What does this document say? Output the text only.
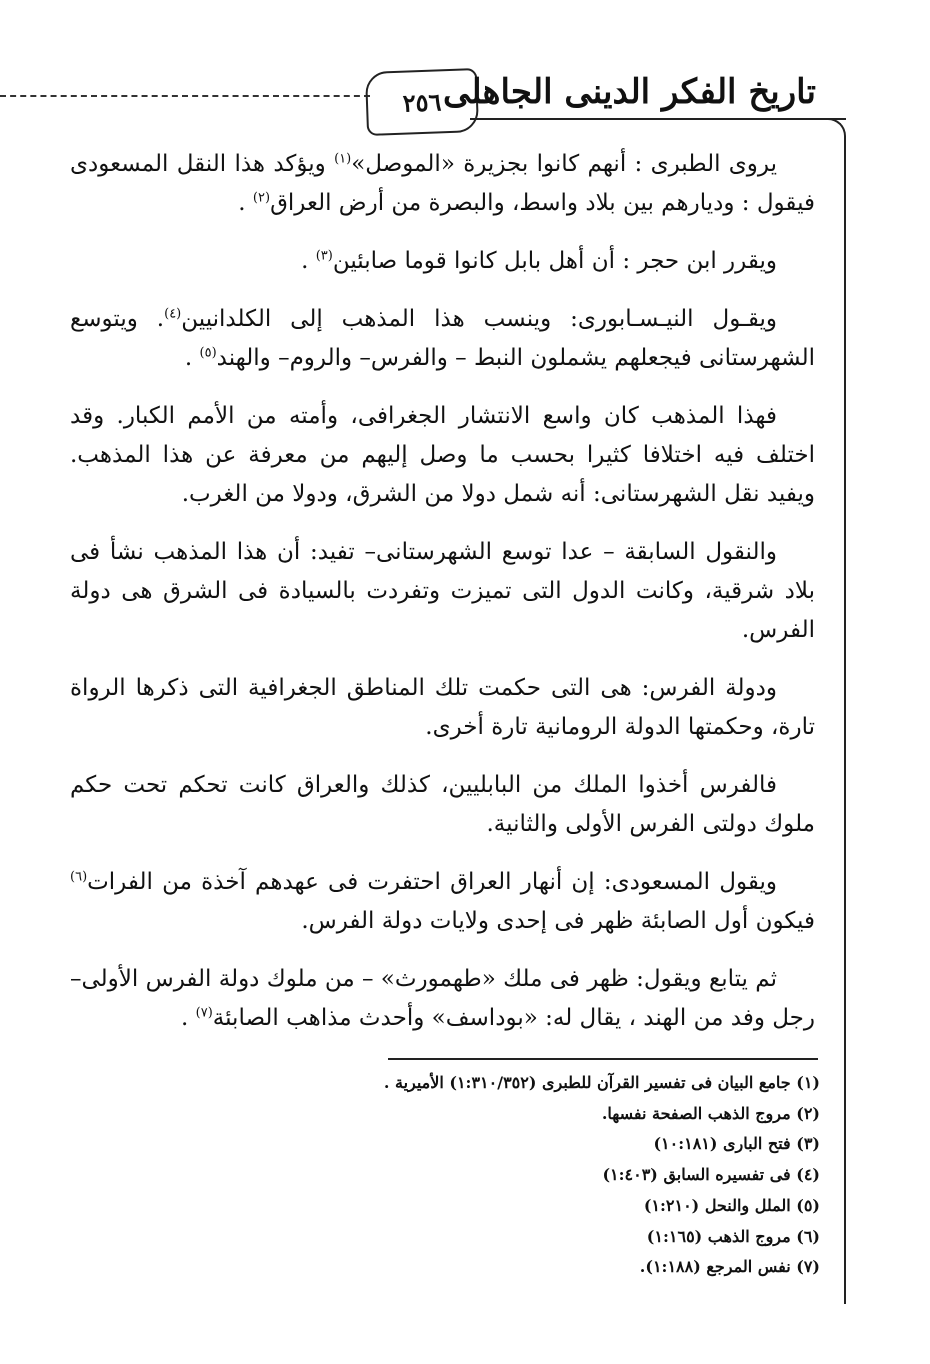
٢٥٦ تاريخ الفكر الدينى الجاهلى

يروى الطبرى : أنهم كانوا بجزيرة «الموصل»$^{(١)}$ ويؤكد هذا النقل المسعودى فيقول : وديارهم بين بلاد واسط، والبصرة من أرض العراق$^{(٢)}$ .

ويقرر ابن حجر : أن أهل بابل كانوا قوما صابئين$^{(٣)}$ .

ويقـول النيـسـابورى: وينسب هذا المذهب إلى الكلدانيين$^{(٤)}$. ويتوسع الشهرستانى فيجعلهم يشملون النبط – والفرس– والروم– والهند$^{(٥)}$ .

فهذا المذهب كان واسع الانتشار الجغرافى، وأمته من الأمم الكبار. وقد اختلف فيه اختلافا كثيرا بحسب ما وصل إليهم من معرفة عن هذا المذهب. ويفيد نقل الشهرستانى: أنه شمل دولا من الشرق، ودولا من الغرب.

والنقول السابقة – عدا توسع الشهرستانى– تفيد: أن هذا المذهب نشأ فى بلاد شرقية، وكانت الدول التى تميزت وتفردت بالسيادة فى الشرق هى دولة الفرس.

ودولة الفرس: هى التى حكمت تلك المناطق الجغرافية التى ذكرها الرواة تارة، وحكمتها الدولة الرومانية تارة أخرى.

فالفرس أخذوا الملك من البابليين، كذلك والعراق كانت تحكم تحت حكم ملوك دولتى الفرس الأولى والثانية.

ويقول المسعودى: إن أنهار العراق احتفرت فى عهدهم آخذة من الفرات$^{(٦)}$ فيكون أول الصابئة ظهر فى إحدى ولايات دولة الفرس.

ثم يتابع ويقول: ظهر فى ملك «طهمورث» – من ملوك دولة الفرس الأولى– رجل وفد من الهند ، يقال له: «بوداسف» وأحدث مذاهب الصابئة$^{(٧)}$ .

(١) جامع البيان فى تفسير القرآن للطبرى (١:٣١٠/٣٥٢) الأميرية .

(٢) مروج الذهب الصفحة نفسها.

(٣) فتح البارى (١٠:١٨١)

(٤) فى تفسيره السابق (١:٤٠٣)

(٥) الملل والنحل (١:٢١٠)

(٦) مروج الذهب (١:١٦٥)

(٧) نفس المرجع (١:١٨٨).
